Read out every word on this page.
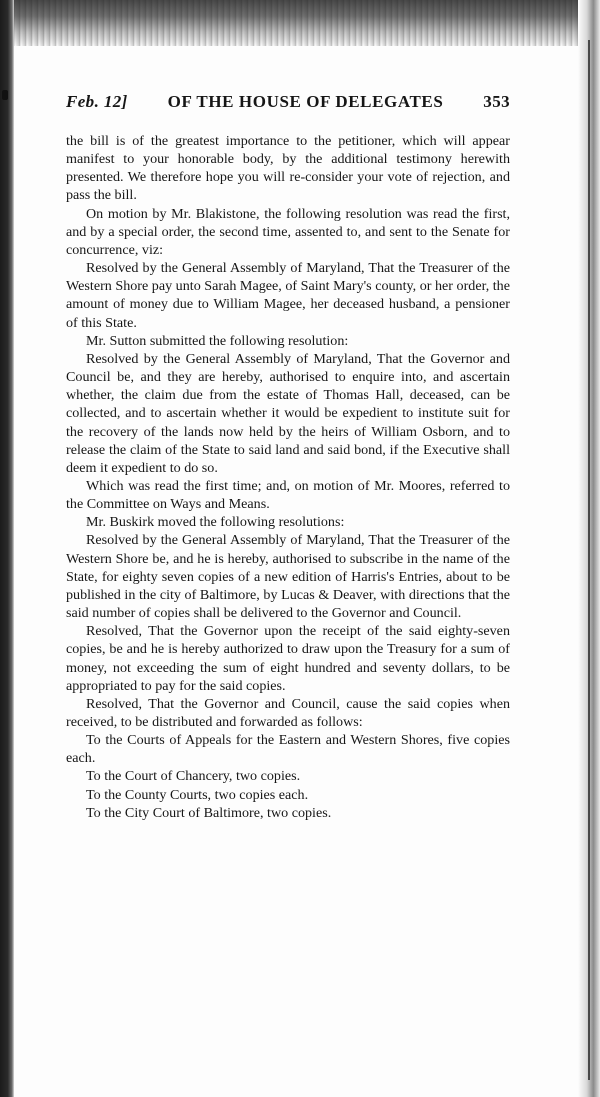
Feb. 12] OF THE HOUSE OF DELEGATES 353

the bill is of the greatest importance to the petitioner, which will appear manifest to your honorable body, by the additional testimony herewith presented. We therefore hope you will re-consider your vote of rejection, and pass the bill.

On motion by Mr. Blakistone, the following resolution was read the first, and by a special order, the second time, assented to, and sent to the Senate for concurrence, viz:

Resolved by the General Assembly of Maryland, That the Treasurer of the Western Shore pay unto Sarah Magee, of Saint Mary's county, or her order, the amount of money due to William Magee, her deceased husband, a pensioner of this State.

Mr. Sutton submitted the following resolution:

Resolved by the General Assembly of Maryland, That the Governor and Council be, and they are hereby, authorised to enquire into, and ascertain whether, the claim due from the estate of Thomas Hall, deceased, can be collected, and to ascertain whether it would be expedient to institute suit for the recovery of the lands now held by the heirs of William Osborn, and to release the claim of the State to said land and said bond, if the Executive shall deem it expedient to do so.

Which was read the first time; and, on motion of Mr. Moores, referred to the Committee on Ways and Means.

Mr. Buskirk moved the following resolutions:

Resolved by the General Assembly of Maryland, That the Treasurer of the Western Shore be, and he is hereby, authorised to subscribe in the name of the State, for eighty seven copies of a new edition of Harris's Entries, about to be published in the city of Baltimore, by Lucas & Deaver, with directions that the said number of copies shall be delivered to the Governor and Council.

Resolved, That the Governor upon the receipt of the said eighty-seven copies, be and he is hereby authorized to draw upon the Treasury for a sum of money, not exceeding the sum of eight hundred and seventy dollars, to be appropriated to pay for the said copies.

Resolved, That the Governor and Council, cause the said copies when received, to be distributed and forwarded as follows:

To the Courts of Appeals for the Eastern and Western Shores, five copies each.

To the Court of Chancery, two copies.

To the County Courts, two copies each.

To the City Court of Baltimore, two copies.
